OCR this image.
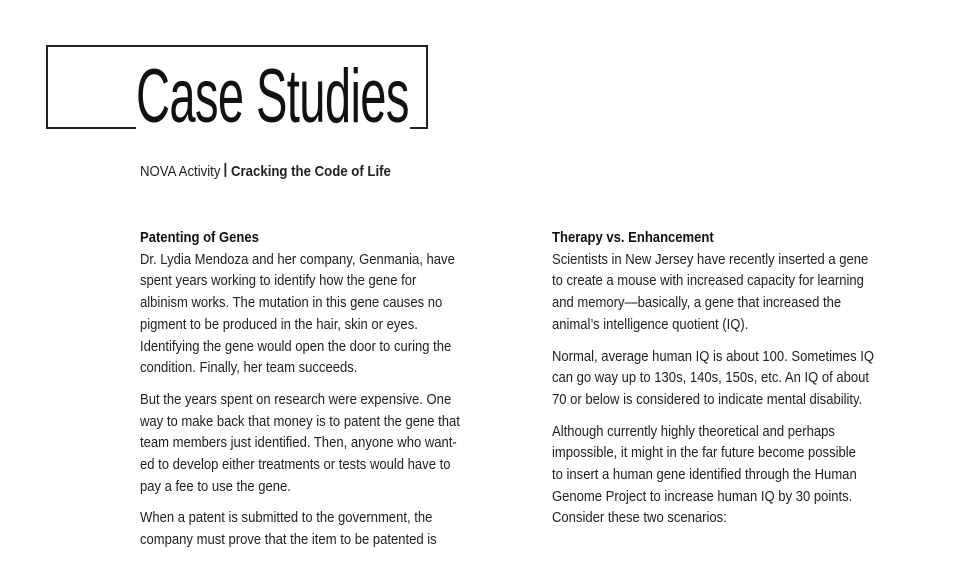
Case Studies
NOVA Activity Cracking the Code of Life
Patenting of Genes

Dr. Lydia Mendoza and her company, Genmania, have
spent years working to identify how the gene for
albinism works. The mutation in this gene causes no
pigment to be produced in the hair, skin or eyes.
Identifying the gene would open the door to curing the
condition. Finally, her team succeeds.

But the years spent on research were expensive. One
way to make back that money is to patent the gene that
team members just identified. Then, anyone who want-
ed to develop either treatments or tests would have to
pay a fee to use the gene.

When a patent is submitted to the government, the
company must prove that the item to be patented is

Therapy vs. Enhancement

Scientists in New Jersey have recently inserted a gene
to create a mouse with increased capacity for learning
and memory—basically, a gene that increased the
animal’s intelligence quotient (IQ).

Normal, average human IQ is about 100. Sometimes IQ
can go way up to 130s, 140s, 150s, etc. An IQ of about
70 or below is considered to indicate mental disability.

Although currently highly theoretical and perhaps
impossible, it might in the far future become possible
to insert a human gene identified through the Human
Genome Project to increase human IQ by 30 points.
Consider these two scenarios:
